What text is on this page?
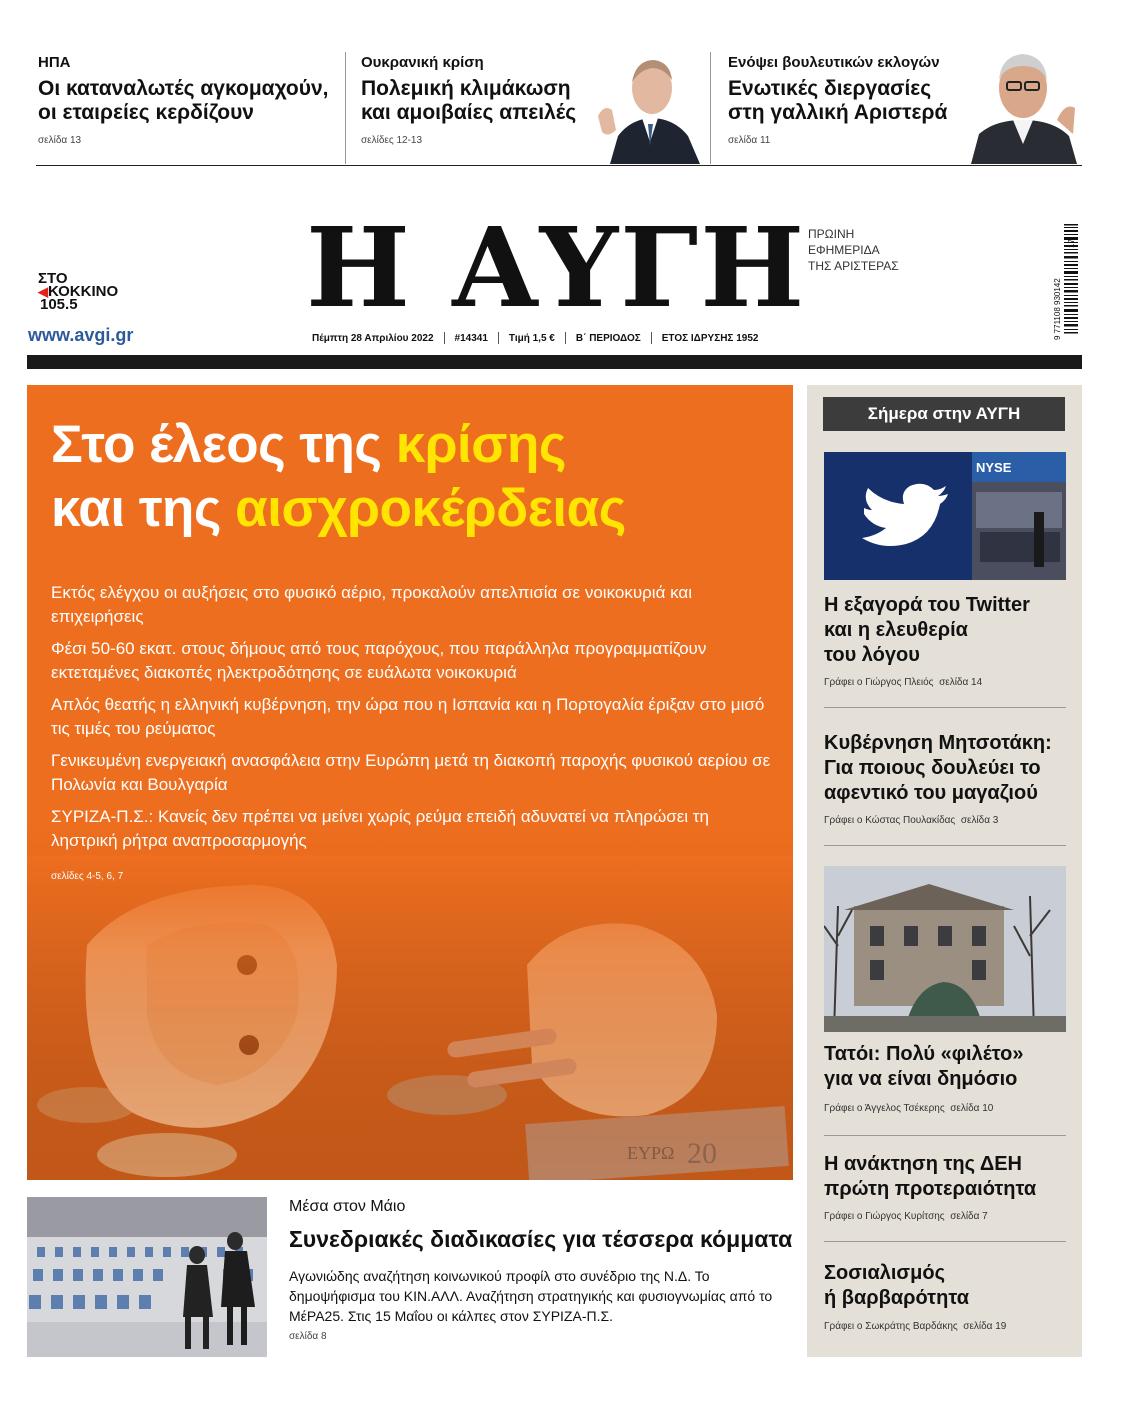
ΗΠΑ
Οι καταναλωτές αγκομαχούν,
οι εταιρείες κερδίζουν
σελίδα 13
Ουκρανική κρίση
Πολεμική κλιμάκωση
και αμοιβαίες απειλές
σελίδες 12-13
Ενόψει βουλευτικών εκλογών
Ενωτικές διεργασίες
στη γαλλική Αριστερά
σελίδα 11
ΣΤΟ
◀ΚΟΚΚΙΝΟ
105.5
www.avgi.gr
Η ΑΥΓΗ ΠΡΩΙΝΗ
ΕΦΗΜΕΡΙΔΑ
ΤΗΣ ΑΡΙΣΤΕΡΑΣ
Πέμπτη 28 Απριλίου 2022 #14341 Τιμή 1,5 € Β΄ ΠΕΡΙΟΔΟΣ ΕΤΟΣ ΙΔΡΥΣΗΣ 1952	9 771108 930142
17
Στο έλεος της κρίσης
και της αισχροκέρδειας

Εκτός ελέγχου οι αυξήσεις στο φυσικό αέριο, προκαλούν απελπισία σε νοικοκυριά και επιχειρήσεις

Φέσι 50-60 εκατ. στους δήμους από τους παρόχους, που παράλληλα προγραμματίζουν εκτεταμένες διακοπές ηλεκτροδότησης σε ευάλωτα νοικοκυριά

Απλός θεατής η ελληνική κυβέρνηση, την ώρα που η Ισπανία και η Πορτογαλία έριξαν στο μισό τις τιμές του ρεύματος

Γενικευμένη ενεργειακή ανασφάλεια στην Ευρώπη μετά τη διακοπή παροχής φυσικού αερίου σε Πολωνία και Βουλγαρία

ΣΥΡΙΖΑ-Π.Σ.: Κανείς δεν πρέπει να μείνει χωρίς ρεύμα επειδή αδυνατεί να πληρώσει τη ληστρική ρήτρα αναπροσαρμογής

σελίδες 4-5, 6, 7
Μέσα στον Μάιο
Συνεδριακές διαδικασίες για τέσσερα κόμματα
Αγωνιώδης αναζήτηση κοινωνικού προφίλ στο συνέδριο της Ν.Δ. Το δημοψήφισμα του ΚΙΝ.ΑΛΛ. Αναζήτηση στρατηγικής και φυσιογνωμίας από το ΜέΡΑ25. Στις 15 Μαΐου οι κάλπες στον ΣΥΡΙΖΑ-Π.Σ.
σελίδα 8
Σήμερα στην ΑΥΓΗ
NYSE
Η εξαγορά του Twitter
και η ελευθερία
του λόγου
Γράφει ο Γιώργος Πλειός σελίδα 14
Κυβέρνηση Μητσοτάκη:
Για ποιους δουλεύει το
αφεντικό του μαγαζιού
Γράφει ο Κώστας Πουλακίδας σελίδα 3
Τατόι: Πολύ «φιλέτο»
για να είναι δημόσιο
Γράφει ο Άγγελος Τσέκερης σελίδα 10
Η ανάκτηση της ΔΕΗ
πρώτη προτεραιότητα
Γράφει ο Γιώργος Κυρίτσης σελίδα 7
Σοσιαλισμός
ή βαρβαρότητα
Γράφει ο Σωκράτης Βαρδάκης σελίδα 19
